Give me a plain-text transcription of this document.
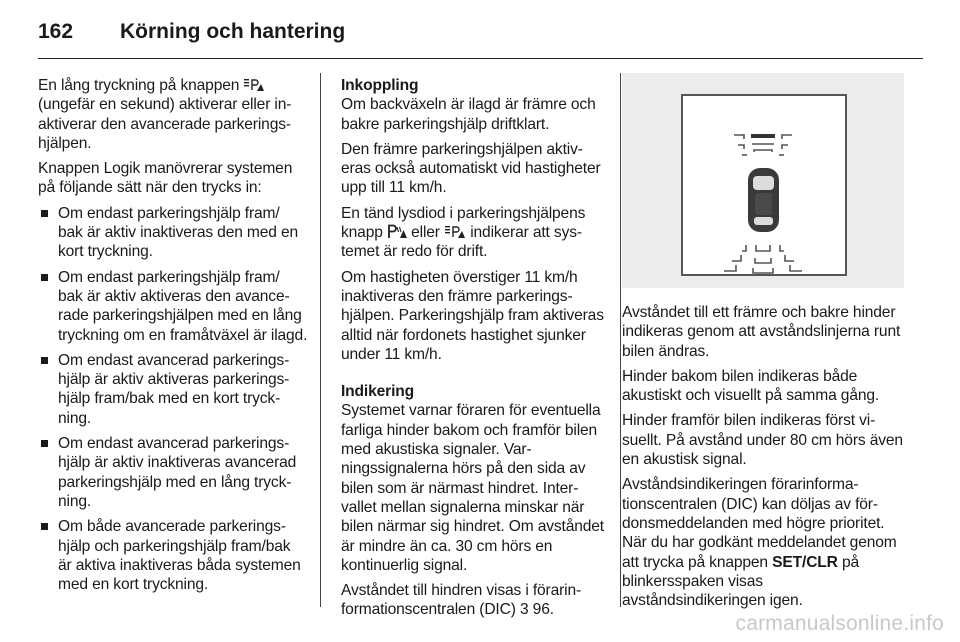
162 Körning och hantering

En lång tryckning på knappen  (ungefär en sekund) aktiverar eller inaktiverar den avancerade parkeringshjälpen.

Knappen Logik manövrerar systemen på följande sätt när den trycks in:

Om endast parkeringshjälp fram/ bak är aktiv inaktiveras den med en kort tryckning.
Om endast parkeringshjälp fram/ bak är aktiv aktiveras den avancerade parkeringshjälpen med en lång tryckning om en framåtväxel är ilagd.
Om endast avancerad parkeringshjälp är aktiv aktiveras parkeringshjälp fram/bak med en kort tryckning.
Om endast avancerad parkeringshjälp är aktiv inaktiveras avancerad parkeringshjälp med en lång tryckning.
Om både avancerade parkeringshjälp och parkeringshjälp fram/bak är aktiva inaktiveras båda systemen med en kort tryckning.
Inkoppling

Om backväxeln är ilagd är främre och bakre parkeringshjälp driftklart.

Den främre parkeringshjälpen aktiveras också automatiskt vid hastigheter upp till 11 km/h.

En tänd lysdiod i parkeringshjälpens knapp eller indikerar att systemet är redo för drift.

Om hastigheten överstiger 11 km/h inaktiveras den främre parkeringshjälpen. Parkeringshjälp fram aktiveras alltid när fordonets hastighet sjunker under 11 km/h.

Indikering

Systemet varnar föraren för eventuella farliga hinder bakom och framför bilen med akustiska signaler. Varningssignalerna hörs på den sida av bilen som är närmast hindret. Intervallet mellan signalerna minskar när bilen närmar sig hindret. Om avståndet är mindre än ca. 30 cm hörs en kontinuerlig signal.

Avståndet till hindren visas i förarinformationscentralen (DIC) 3 96.

Avståndet till ett främre och bakre hinder indikeras genom att avståndslinjerna runt bilen ändras.

Hinder bakom bilen indikeras både akustiskt och visuellt på samma gång.

Hinder framför bilen indikeras först visuellt. På avstånd under 80 cm hörs även en akustisk signal.

Avståndsindikeringen förarinformationscentralen (DIC) kan döljas av fördonsmeddelanden med högre prioritet. När du har godkänt meddelandet genom att trycka på knappen SET/CLR på blinkersspaken visas avståndsindikeringen igen.

carmanualsonline.info
